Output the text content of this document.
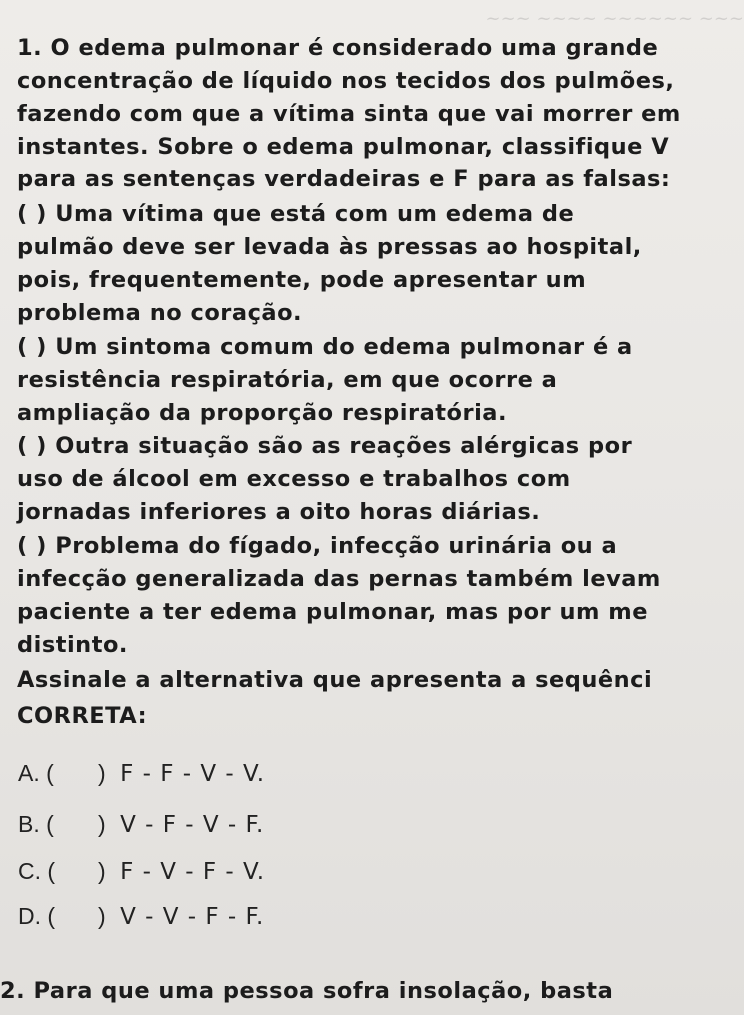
~~~ ~~~~ ~~~~~~ ~~~
1. O edema pulmonar é considerado uma grande
concentração de líquido nos tecidos dos pulmões,
fazendo com que a vítima sinta que vai morrer em
instantes. Sobre o edema pulmonar, classifique V
para as sentenças verdadeiras e F para as falsas:
( ) Uma vítima que está com um edema de
pulmão deve ser levada às pressas ao hospital,
pois, frequentemente, pode apresentar um
problema no coração.
( ) Um sintoma comum do edema pulmonar é a
resistência respiratória, em que ocorre a
ampliação da proporção respiratória.
( ) Outra situação são as reações alérgicas por
uso de álcool em excesso e trabalhos com
jornadas inferiores a oito horas diárias.
( ) Problema do fígado, infecção urinária ou a
infecção generalizada das pernas também levam
paciente a ter edema pulmonar, mas por um me
distinto.
Assinale a alternativa que apresenta a sequênci
CORRETA:
A. ( ) F - F - V - V.
B. ( ) V - F - V - F.
C. ( ) F - V - F - V.
D. ( ) V - V - F - F.
2. Para que uma pessoa sofra insolação, basta
